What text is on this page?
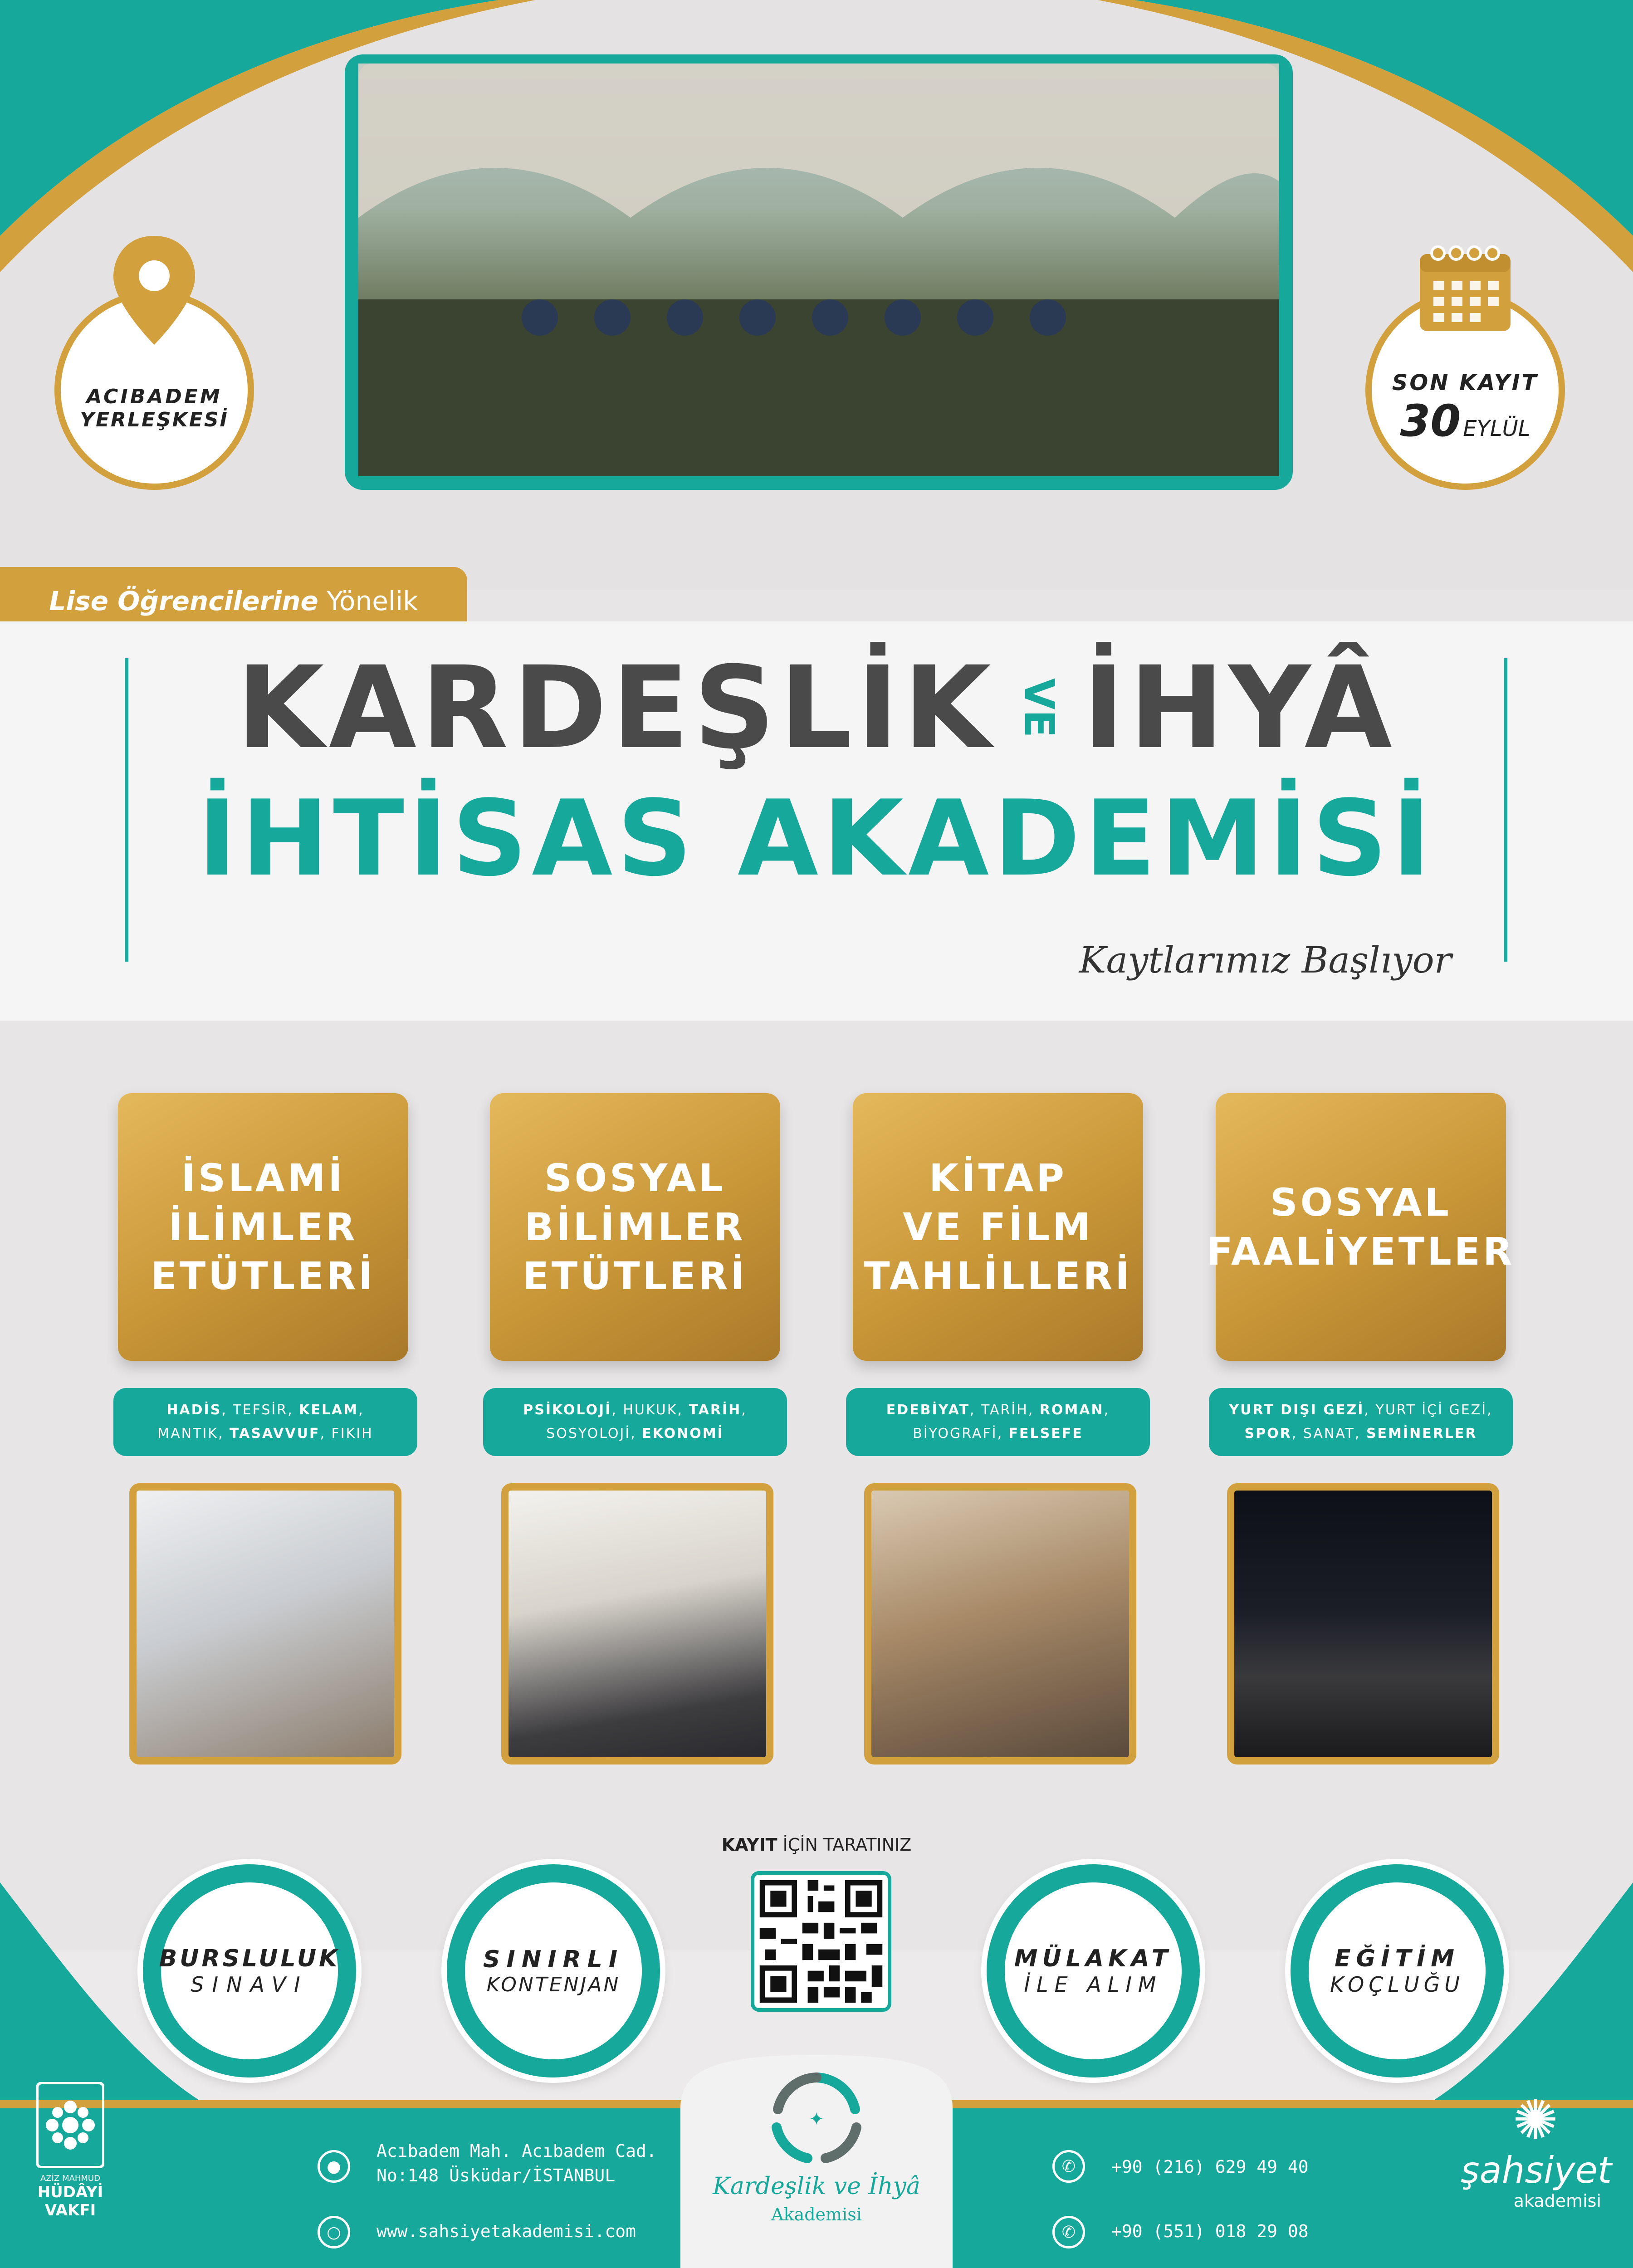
ACIBADEM
YERLEŞKESİ
SON KAYIT
30 EYLÜL
Lise Öğrencilerine
Yönelik
KARDEŞLİK VE İHYÂ
İHTİSAS AKADEMİSİ
Kaytlarımız Başlıyor
İSLAMİ
İLİMLER
ETÜTLERİ
SOSYAL
BİLİMLER
ETÜTLERİ
KİTAP
VE FİLM
TAHLİLLERİ
SOSYAL
FAALİYETLER
HADİS, TEFSİR, KELAM,
MANTIK, TASAVVUF, FIKIH
PSİKOLOJİ, HUKUK, TARİH,
SOSYOLOJİ, EKONOMİ
EDEBİYAT, TARİH, ROMAN,
BİYOGRAFİ, FELSEFE
YURT DIŞI GEZİ, YURT İÇİ GEZİ,
SPOR, SANAT, SEMİNERLER
BURSLULUK
SINAVI
SINIRLI
KONTENJAN
MÜLAKAT
İLE ALIM
EĞİTİM
KOÇLUĞU
KAYIT İÇİN TARATINIZ
AZİZ MAHMUD
HÜDÂYİ
VAKFI
●
Acıbadem Mah. Acıbadem Cad.
No:148 Üsküdar/İSTANBUL
○	www.sahsiyetakademisi.com
✦
Kardeşlik ve İhyâ
Akademisi
✆	+90 (216) 629 49 40
✆	+90 (551) 018 29 08
✺
şahsiyet
akademisi
